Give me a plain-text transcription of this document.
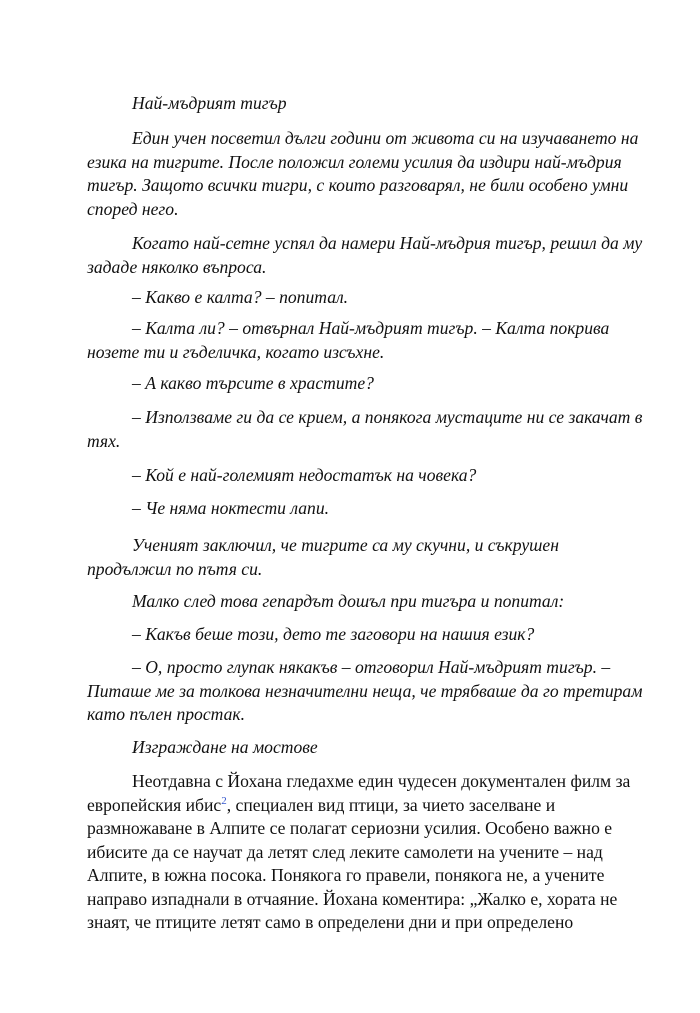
Най-мъдрият тигър

Един учен посветил дълги години от живота си на изучаването на
езика на тигрите. После положил големи усилия да издири най-мъдрия
тигър. Защото всички тигри, с които разговарял, не били особено умни
според него.

Когато най-сетне успял да намери Най-мъдрия тигър, решил да му
зададе няколко въпроса.

– Какво е калта? – попитал.

– Калта ли? – отвърнал Най-мъдрият тигър. – Калта покрива
нозете ти и гъделичка, когато изсъхне.

– А какво търсите в храстите?

– Използваме ги да се крием, а понякога мустаците ни се закачат в
тях.

– Кой е най-големият недостатък на човека?

– Че няма ноктести лапи.

Ученият заключил, че тигрите са му скучни, и съкрушен
продължил по пътя си.

Малко след това гепардът дошъл при тигъра и попитал:

– Какъв беше този, дето те заговори на нашия език?

– О, просто глупак някакъв – отговорил Най-мъдрият тигър. –
Питаше ме за толкова незначителни неща, че трябваше да го третирам
като пълен простак.

Изграждане на мостове

Неотдавна с Йохана гледахме един чудесен документален филм за
европейския ибис$^2$, специален вид птици, за чието заселване и
размножаване в Алпите се полагат сериозни усилия. Особено важно е
ибисите да се научат да летят след леките самолети на учените – над
Алпите, в южна посока. Понякога го правели, понякога не, а учените
направо изпаднали в отчаяние. Йохана коментира: „Жалко е, хората не
знаят, че птиците летят само в определени дни и при определено
